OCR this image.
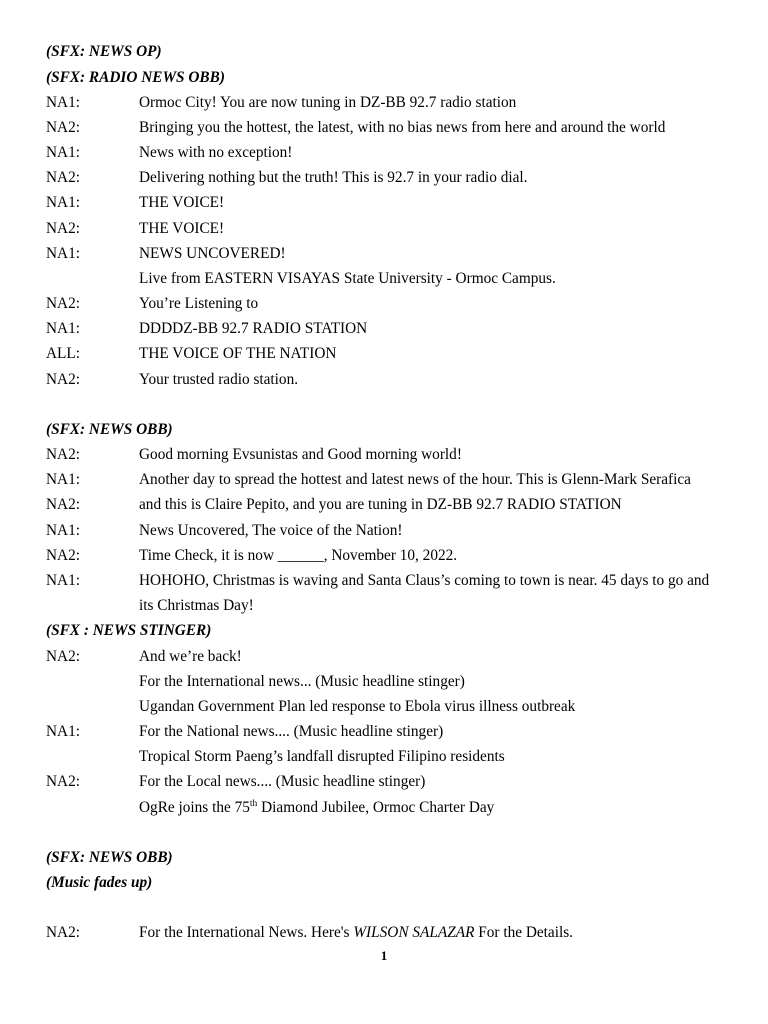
(SFX: NEWS OP)
(SFX: RADIO NEWS OBB)
NA1:	Ormoc City! You are now tuning in DZ-BB 92.7 radio station
NA2:	Bringing you the hottest, the latest, with no bias news from here and around the world
NA1:	News with no exception!
NA2:	Delivering nothing but the truth! This is 92.7 in your radio dial.
NA1:	THE VOICE!
NA2:	THE VOICE!
NA1:	NEWS UNCOVERED!
Live from EASTERN VISAYAS State University - Ormoc Campus.
NA2:	You’re Listening to
NA1:	DDDDZ-BB 92.7 RADIO STATION
ALL:	THE VOICE OF THE NATION
NA2:	Your trusted radio station.
(SFX: NEWS OBB)
NA2:	Good morning Evsunistas and Good morning world!
NA1:	Another day to spread the hottest and latest news of the hour. This is Glenn-Mark Serafica
NA2:	and this is Claire Pepito, and you are tuning in DZ-BB 92.7 RADIO STATION
NA1:	News Uncovered, The voice of the Nation!
NA2:	Time Check, it is now ______, November 10, 2022.
NA1:	HOHOHO, Christmas is waving and Santa Claus’s coming to town is near. 45 days to go and
its Christmas Day!
(SFX : NEWS STINGER)
NA2:	And we’re back!
For the International news... (Music headline stinger)
Ugandan Government Plan led response to Ebola virus illness outbreak
NA1:	For the National news.... (Music headline stinger)
Tropical Storm Paeng’s landfall disrupted Filipino residents
NA2:	For the Local news.... (Music headline stinger)
OgRe joins the 75th Diamond Jubilee, Ormoc Charter Day
(SFX: NEWS OBB)
(Music fades up)
NA2:	For the International News. Here's WILSON SALAZAR For the Details.
1
